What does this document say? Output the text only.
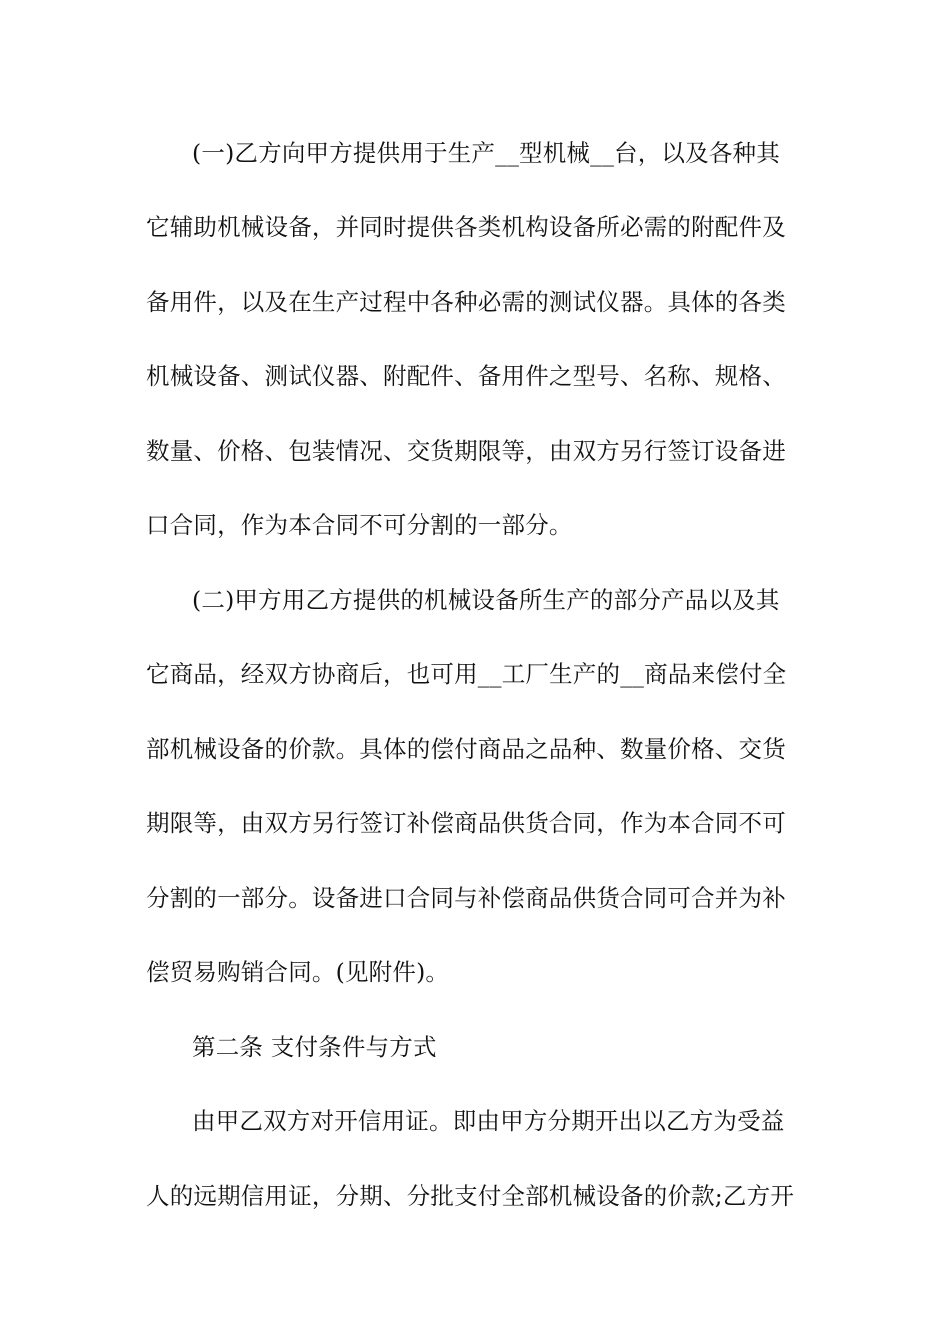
(一)乙方向甲方提供用于生产__型机械__台，以及各种其
它辅助机械设备，并同时提供各类机构设备所必需的附配件及
备用件，以及在生产过程中各种必需的测试仪器。具体的各类
机械设备、测试仪器、附配件、备用件之型号、名称、规格、
数量、价格、包装情况、交货期限等，由双方另行签订设备进
口合同，作为本合同不可分割的一部分。
(二)甲方用乙方提供的机械设备所生产的部分产品以及其
它商品，经双方协商后，也可用__工厂生产的__商品来偿付全
部机械设备的价款。具体的偿付商品之品种、数量价格、交货
期限等，由双方另行签订补偿商品供货合同，作为本合同不可
分割的一部分。设备进口合同与补偿商品供货合同可合并为补
偿贸易购销合同。(见附件)。
第二条 支付条件与方式
由甲乙双方对开信用证。即由甲方分期开出以乙方为受益
人的远期信用证，分期、分批支付全部机械设备的价款;乙方开
